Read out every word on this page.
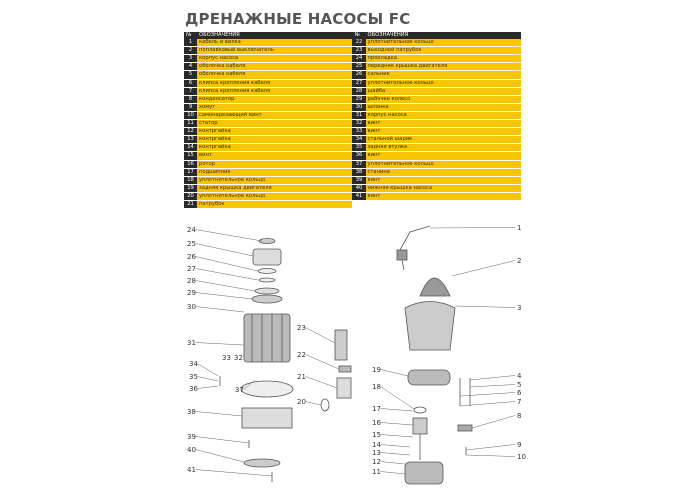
ДРЕНАЖНЫЕ НАСОСЫ FC
№	ОБОЗНАЧЕНИЯ	№	ОБОЗНАЧЕНИЯ
1	кабель и вилка	22	уплотнительное кольцо
2	поплавковый выключатель	23	выходной патрубок
3	корпус насоса	24	прокладка
4	оболочка кабеля	25	передняя крышка двигателя
5	оболочка кабеля	26	сальник
6	клипса крепления кабеля	27	уплотнительное кольцо
7	клипса крепления кабеля	28	шайба
8	конденсатор	29	рабочее колесо
9	хомут	30	шпонка
10	самонарезающий винт	31	корпус насоса
11	статор	32	винт
12	контргайка	33	винт
13	контргайка	34	стальной шарик
14	контргайка	35	задняя втулка
15	винт	36	винт
16	ротор	37	уплотнительное кольцо
17	подшипник	38	станина
18	уплотнительное кольцо	39	винт
19	задняя крышка двигателя	40	нижняя крышка насоса
20	уплотнительное кольцо	41	винт
21	патрубок		
24
25
26
27
28
29
30
31
34
35
36
38
39
40
41
23
22
21
20
33 32
37
1
2
3
4
5
6
7
8
9
10
19
18
17
16
15
14
13
12
11
